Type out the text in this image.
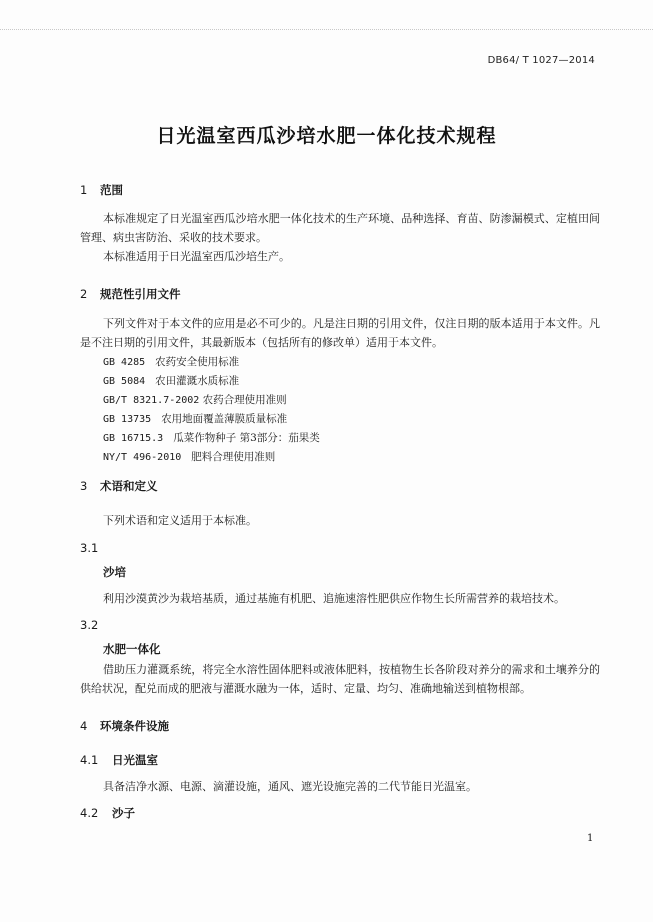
DB64/ T 1027—2014
日光温室西瓜沙培水肥一体化技术规程
1 范围
本标准规定了日光温室西瓜沙培水肥一体化技术的生产环境、品种选择、育苗、防渗漏模式、定植田间管理、病虫害防治、采收的技术要求。
本标准适用于日光温室西瓜沙培生产。
2 规范性引用文件
下列文件对于本文件的应用是必不可少的。凡是注日期的引用文件，仅注日期的版本适用于本文件。凡是不注日期的引用文件，其最新版本（包括所有的修改单）适用于本文件。
GB 4285 农药安全使用标准
GB 5084 农田灌溉水质标准
GB/T 8321.7-2002 农药合理使用准则
GB 13735 农用地面覆盖薄膜质量标准
GB 16715.3 瓜菜作物种子 第3部分：茄果类
NY/T 496-2010 肥料合理使用准则
3 术语和定义
下列术语和定义适用于本标准。
3.1
沙培
利用沙漠黄沙为栽培基质，通过基施有机肥、追施速溶性肥供应作物生长所需营养的栽培技术。
3.2
水肥一体化
借助压力灌溉系统，将完全水溶性固体肥料或液体肥料，按植物生长各阶段对养分的需求和土壤养分的供给状况，配兑而成的肥液与灌溉水融为一体，适时、定量、均匀、准确地输送到植物根部。
4 环境条件设施
4.1 日光温室
具备洁净水源、电源、滴灌设施，通风、遮光设施完善的二代节能日光温室。
4.2 沙子
1
